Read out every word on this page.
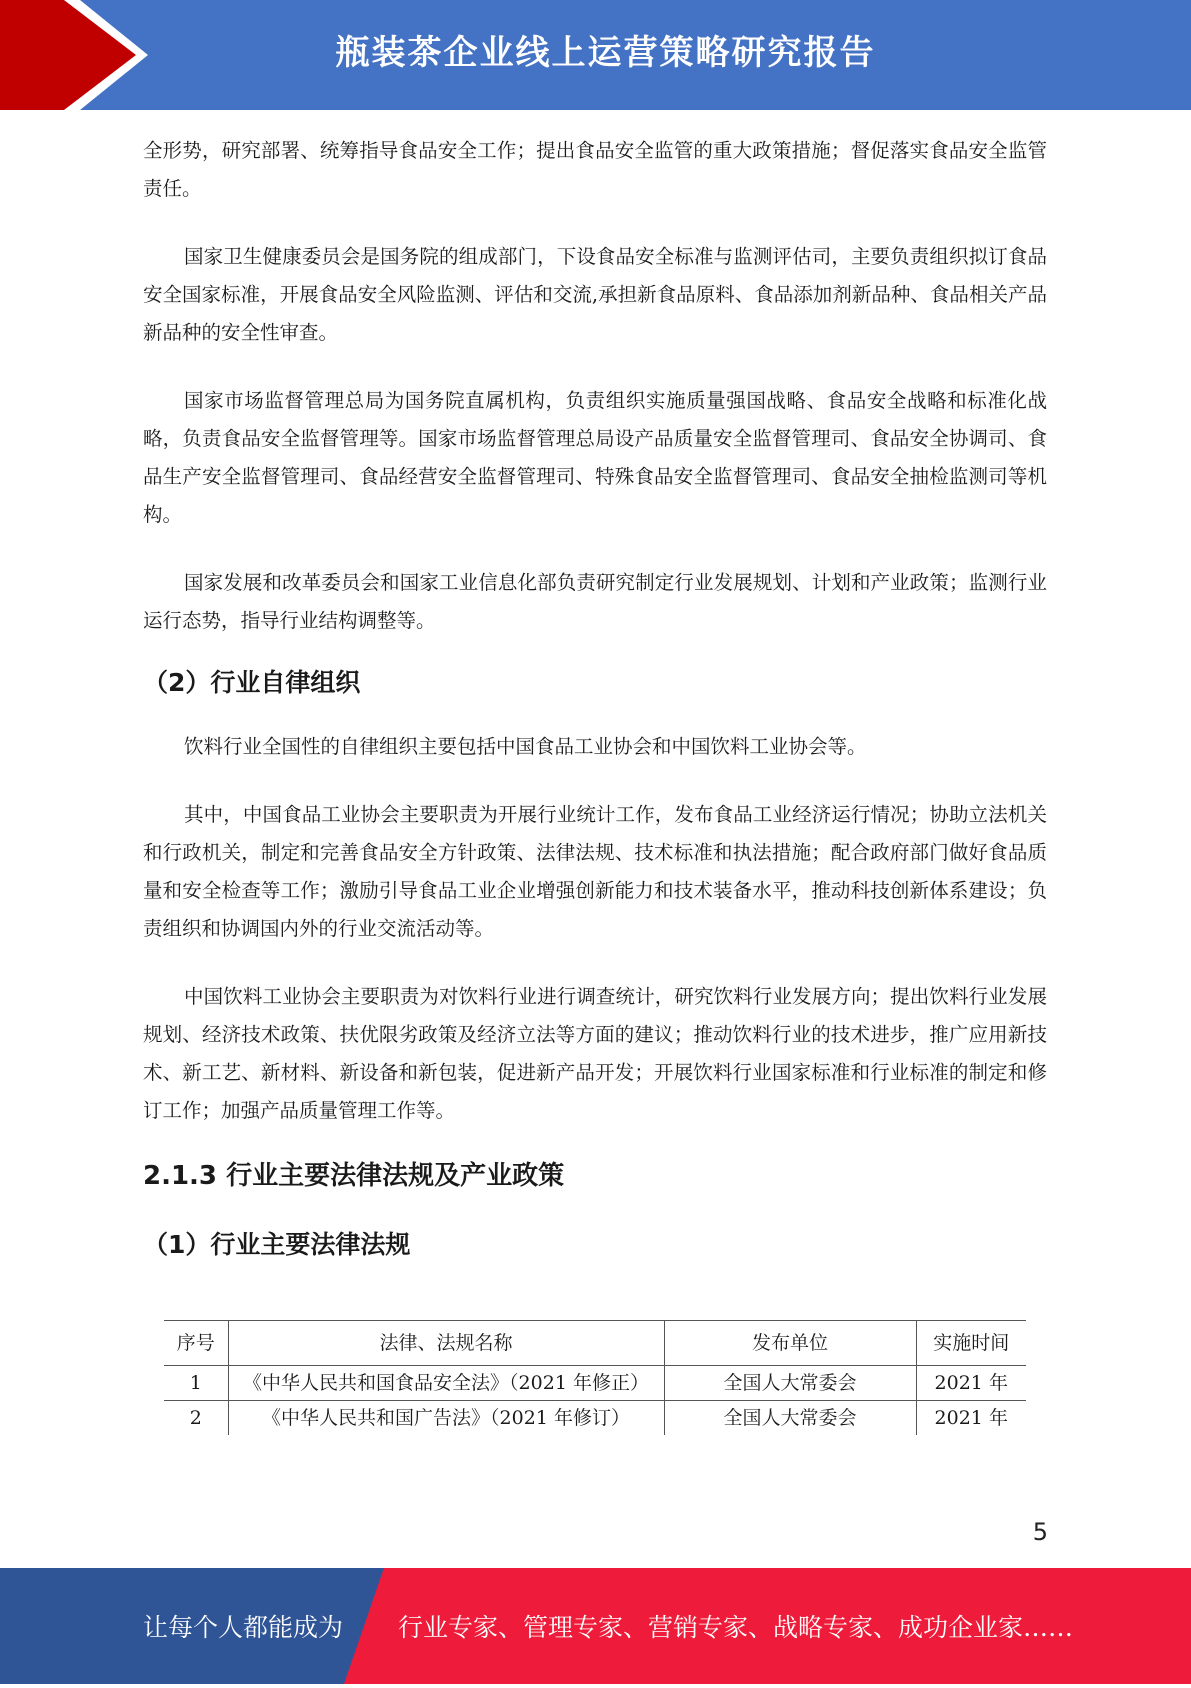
瓶装茶企业线上运营策略研究报告

全形势，研究部署、统筹指导食品安全工作；提出食品安全监管的重大政策措施；督促落实食品安全监管责任。

国家卫生健康委员会是国务院的组成部门，下设食品安全标准与监测评估司，主要负责组织拟订食品安全国家标准，开展食品安全风险监测、评估和交流,承担新食品原料、食品添加剂新品种、食品相关产品新品种的安全性审查。

国家市场监督管理总局为国务院直属机构，负责组织实施质量强国战略、食品安全战略和标准化战略，负责食品安全监督管理等。国家市场监督管理总局设产品质量安全监督管理司、食品安全协调司、食品生产安全监督管理司、食品经营安全监督管理司、特殊食品安全监督管理司、食品安全抽检监测司等机构。

国家发展和改革委员会和国家工业信息化部负责研究制定行业发展规划、计划和产业政策；监测行业运行态势，指导行业结构调整等。

（2）行业自律组织

饮料行业全国性的自律组织主要包括中国食品工业协会和中国饮料工业协会等。

其中，中国食品工业协会主要职责为开展行业统计工作，发布食品工业经济运行情况；协助立法机关和行政机关，制定和完善食品安全方针政策、法律法规、技术标准和执法措施；配合政府部门做好食品质量和安全检查等工作；激励引导食品工业企业增强创新能力和技术装备水平，推动科技创新体系建设；负责组织和协调国内外的行业交流活动等。

中国饮料工业协会主要职责为对饮料行业进行调查统计，研究饮料行业发展方向；提出饮料行业发展规划、经济技术政策、扶优限劣政策及经济立法等方面的建议；推动饮料行业的技术进步，推广应用新技术、新工艺、新材料、新设备和新包装，促进新产品开发；开展饮料行业国家标准和行业标准的制定和修订工作；加强产品质量管理工作等。

2.1.3 行业主要法律法规及产业政策
（1）行业主要法律法规
序号	法律、法规名称	发布单位	实施时间
1	《中华人民共和国食品安全法》（2021 年修正）	全国人大常委会	2021 年
2	《中华人民共和国广告法》（2021 年修订）	全国人大常委会	2021 年
5
让每个人都能成为 行业专家、管理专家、营销专家、战略专家、成功企业家……
